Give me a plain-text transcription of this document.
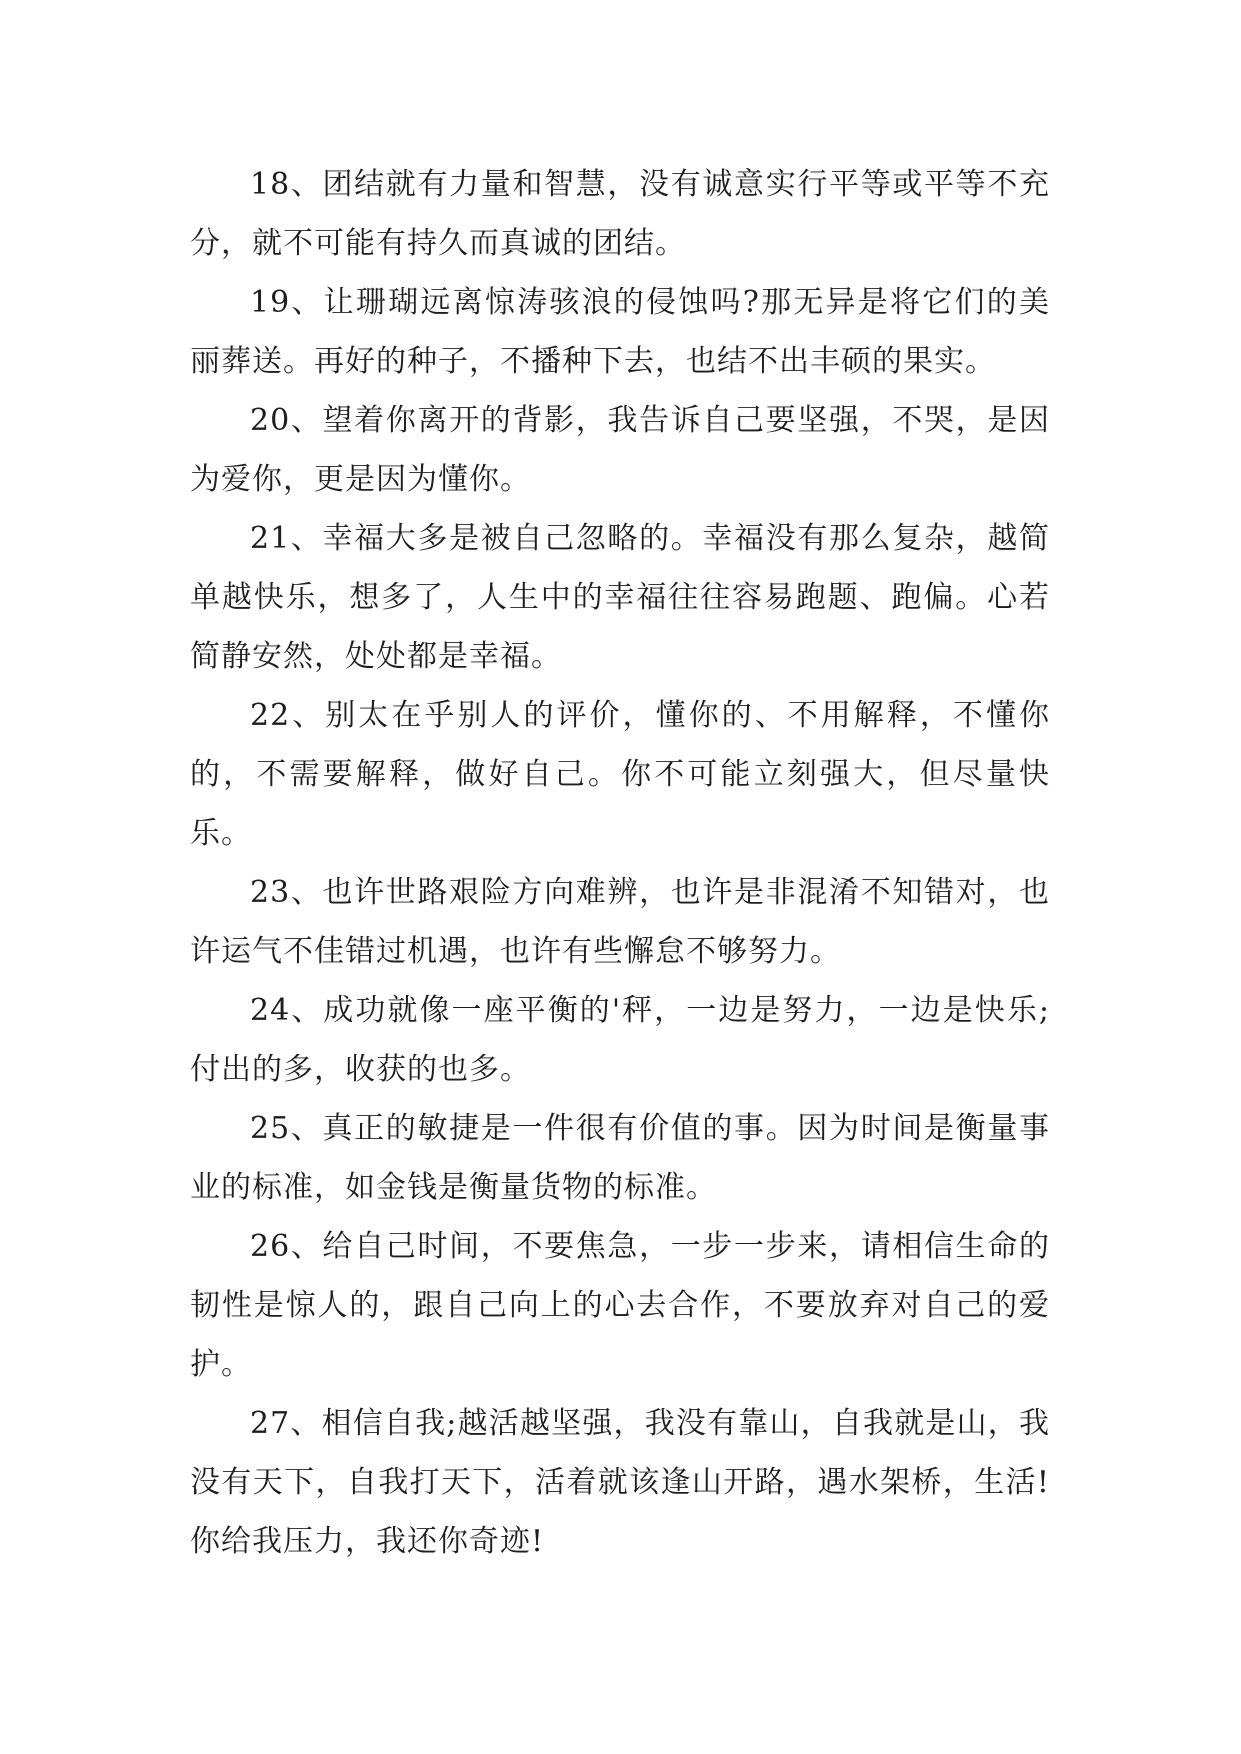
18、团结就有力量和智慧，没有诚意实行平等或平等不充分，就不可能有持久而真诚的团结。

19、让珊瑚远离惊涛骇浪的侵蚀吗?那无异是将它们的美丽葬送。再好的种子，不播种下去，也结不出丰硕的果实。

20、望着你离开的背影，我告诉自己要坚强，不哭，是因为爱你，更是因为懂你。

21、幸福大多是被自己忽略的。幸福没有那么复杂，越简单越快乐，想多了，人生中的幸福往往容易跑题、跑偏。心若简静安然，处处都是幸福。

22、别太在乎别人的评价，懂你的、不用解释，不懂你的，不需要解释，做好自己。你不可能立刻强大，但尽量快乐。

23、也许世路艰险方向难辨，也许是非混淆不知错对，也许运气不佳错过机遇，也许有些懈怠不够努力。

24、成功就像一座平衡的'秤，一边是努力，一边是快乐;付出的多，收获的也多。

25、真正的敏捷是一件很有价值的事。因为时间是衡量事业的标准，如金钱是衡量货物的标准。

26、给自己时间，不要焦急，一步一步来，请相信生命的韧性是惊人的，跟自己向上的心去合作，不要放弃对自己的爱护。

27、相信自我;越活越坚强，我没有靠山，自我就是山，我没有天下，自我打天下，活着就该逢山开路，遇水架桥，生活!你给我压力，我还你奇迹!
